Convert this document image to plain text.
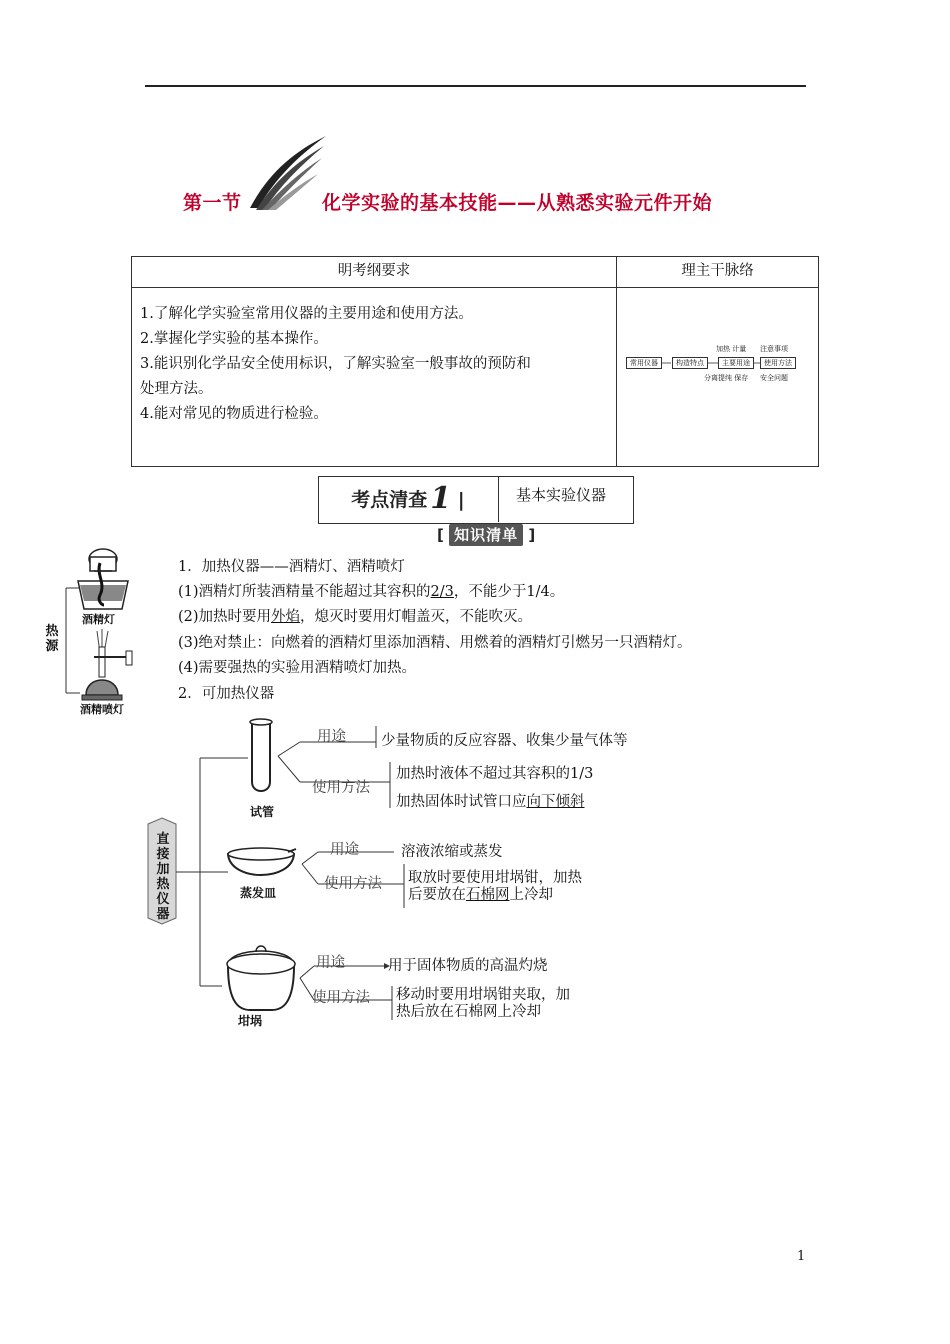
第一节	化学实验的基本技能——从熟悉实验元件开始
明考纲要求	理主干脉络

1.了解化学实验室常用仪器的主要用途和使用方法。
2.掌握化学实验的基本操作。
3.能识别化学品安全使用标识，了解实验室一般事故的预防和
处理方法。
4.能对常见的物质进行检验。	

加热 计量 注意事项
常用仪器	构造特点	主要用途	使用方法
分离提纯 保存 安全问题
考点清查 1 |	基本实验仪器
[ 知识清单 ]
酒精灯
酒精喷灯
热
源
1．加热仪器——酒精灯、酒精喷灯
(1)酒精灯所装酒精量不能超过其容积的2/3，不能少于1/4。
(2)加热时要用外焰，熄灭时要用灯帽盖灭，不能吹灭。
(3)绝对禁止：向燃着的酒精灯里添加酒精、用燃着的酒精灯引燃另一只酒精灯。
(4)需要强热的实验用酒精喷灯加热。
2．可加热仪器
直
接
加
热
仪
器
试管
用途 少量物质的反应容器、收集少量气体等
使用方法
加热时液体不超过其容积的1/3
加热固体时试管口应向下倾斜
蒸发皿
用途	溶液浓缩或蒸发
使用方法 取放时要使用坩埚钳，加热
后要放在石棉网上冷却
坩埚
用途	用于固体物质的高温灼烧
使用方法 移动时要用坩埚钳夹取，加
热后放在石棉网上冷却
1
